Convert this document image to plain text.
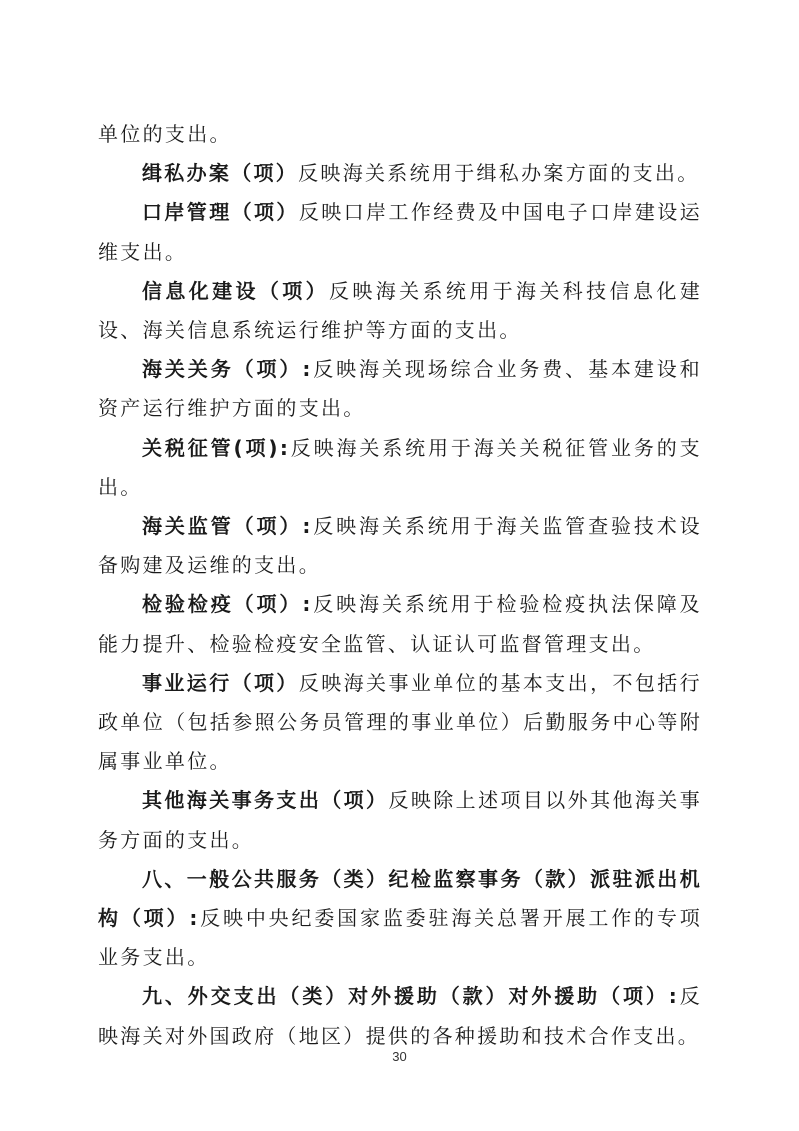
单位的支出。

缉私办案（项）反映海关系统用于缉私办案方面的支出。

口岸管理（项）反映口岸工作经费及中国电子口岸建设运维支出。

信息化建设（项）反映海关系统用于海关科技信息化建设、海关信息系统运行维护等方面的支出。

海关关务（项）:反映海关现场综合业务费、基本建设和资产运行维护方面的支出。

关税征管(项):反映海关系统用于海关关税征管业务的支出。

海关监管（项）:反映海关系统用于海关监管查验技术设备购建及运维的支出。

检验检疫（项）:反映海关系统用于检验检疫执法保障及能力提升、检验检疫安全监管、认证认可监督管理支出。

事业运行（项）反映海关事业单位的基本支出，不包括行政单位（包括参照公务员管理的事业单位）后勤服务中心等附属事业单位。

其他海关事务支出（项）反映除上述项目以外其他海关事务方面的支出。

八、一般公共服务（类）纪检监察事务（款）派驻派出机构（项）:反映中央纪委国家监委驻海关总署开展工作的专项业务支出。

九、外交支出（类）对外援助（款）对外援助（项）:反映海关对外国政府（地区）提供的各种援助和技术合作支出。

30
